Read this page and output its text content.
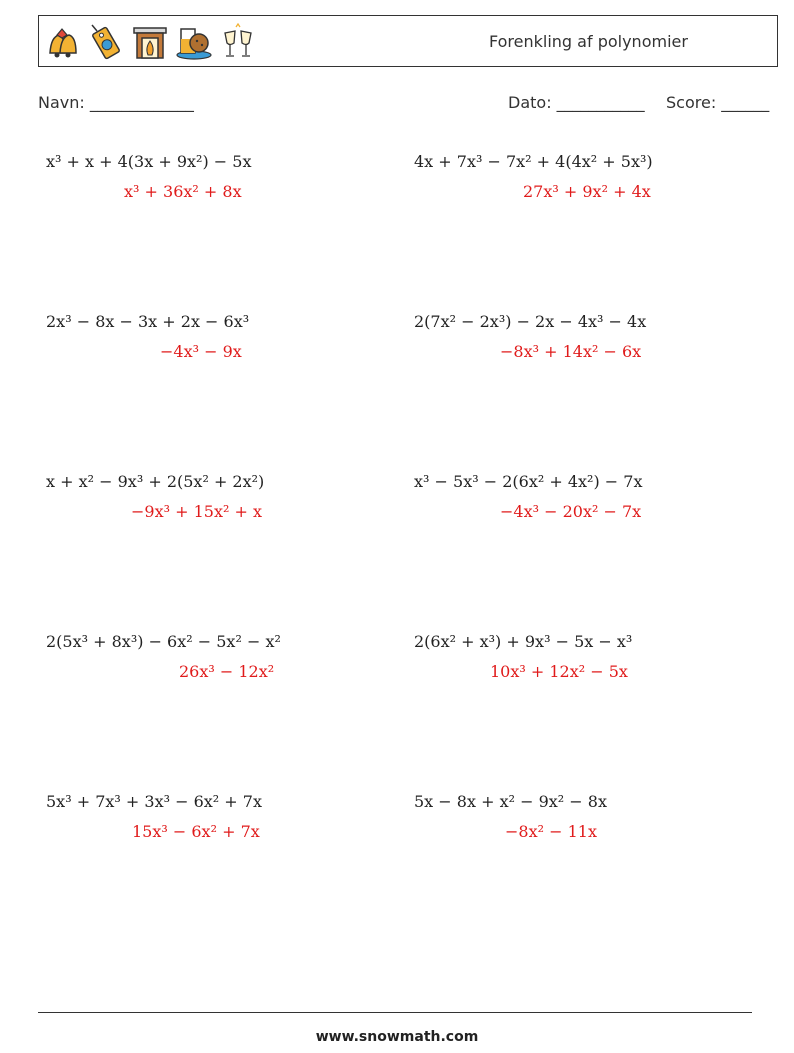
Forenkling af polynomier
Navn: _____________	Dato: ___________ Score: ______
x³ + x + 4(3x + 9x²) − 5x
x³ + 36x² + 8x
4x + 7x³ − 7x² + 4(4x² + 5x³)
27x³ + 9x² + 4x
2x³ − 8x − 3x + 2x − 6x³
−4x³ − 9x
2(7x² − 2x³) − 2x − 4x³ − 4x
−8x³ + 14x² − 6x
x + x² − 9x³ + 2(5x² + 2x²)
−9x³ + 15x² + x
x³ − 5x³ − 2(6x² + 4x²) − 7x
−4x³ − 20x² − 7x
2(5x³ + 8x³) − 6x² − 5x² − x²
26x³ − 12x²
2(6x² + x³) + 9x³ − 5x − x³
10x³ + 12x² − 5x
5x³ + 7x³ + 3x³ − 6x² + 7x
15x³ − 6x² + 7x
5x − 8x + x² − 9x² − 8x
−8x² − 11x
www.snowmath.com
